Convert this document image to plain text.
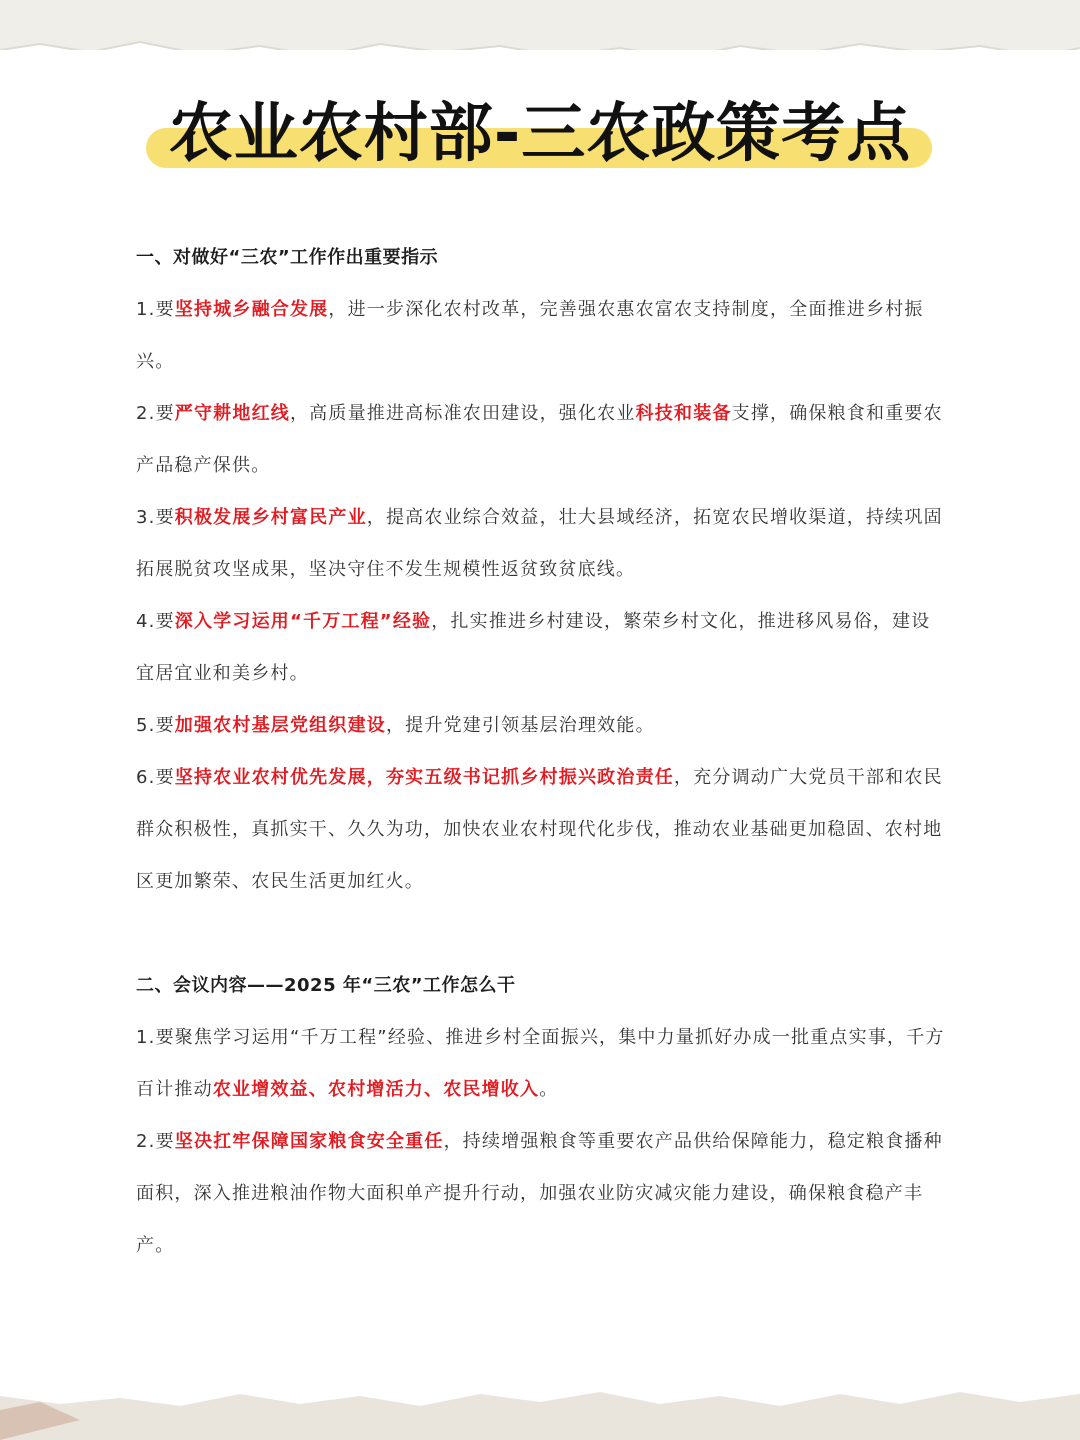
农业农村部-三农政策考点

一、对做好“三农”工作作出重要指示

1.要坚持城乡融合发展，进一步深化农村改革，完善强农惠农富农支持制度，全面推进乡村振兴。

2.要严守耕地红线，高质量推进高标准农田建设，强化农业科技和装备支撑，确保粮食和重要农产品稳产保供。

3.要积极发展乡村富民产业，提高农业综合效益，壮大县域经济，拓宽农民增收渠道，持续巩固拓展脱贫攻坚成果，坚决守住不发生规模性返贫致贫底线。

4.要深入学习运用“千万工程”经验，扎实推进乡村建设，繁荣乡村文化，推进移风易俗，建设宜居宜业和美乡村。

5.要加强农村基层党组织建设，提升党建引领基层治理效能。

6.要坚持农业农村优先发展，夯实五级书记抓乡村振兴政治责任，充分调动广大党员干部和农民群众积极性，真抓实干、久久为功，加快农业农村现代化步伐，推动农业基础更加稳固、农村地区更加繁荣、农民生活更加红火。

二、会议内容——2025 年“三农”工作怎么干

1.要聚焦学习运用“千万工程”经验、推进乡村全面振兴，集中力量抓好办成一批重点实事，千方百计推动农业增效益、农村增活力、农民增收入。

2.要坚决扛牢保障国家粮食安全重任，持续增强粮食等重要农产品供给保障能力，稳定粮食播种面积，深入推进粮油作物大面积单产提升行动，加强农业防灾减灾能力建设，确保粮食稳产丰产。
